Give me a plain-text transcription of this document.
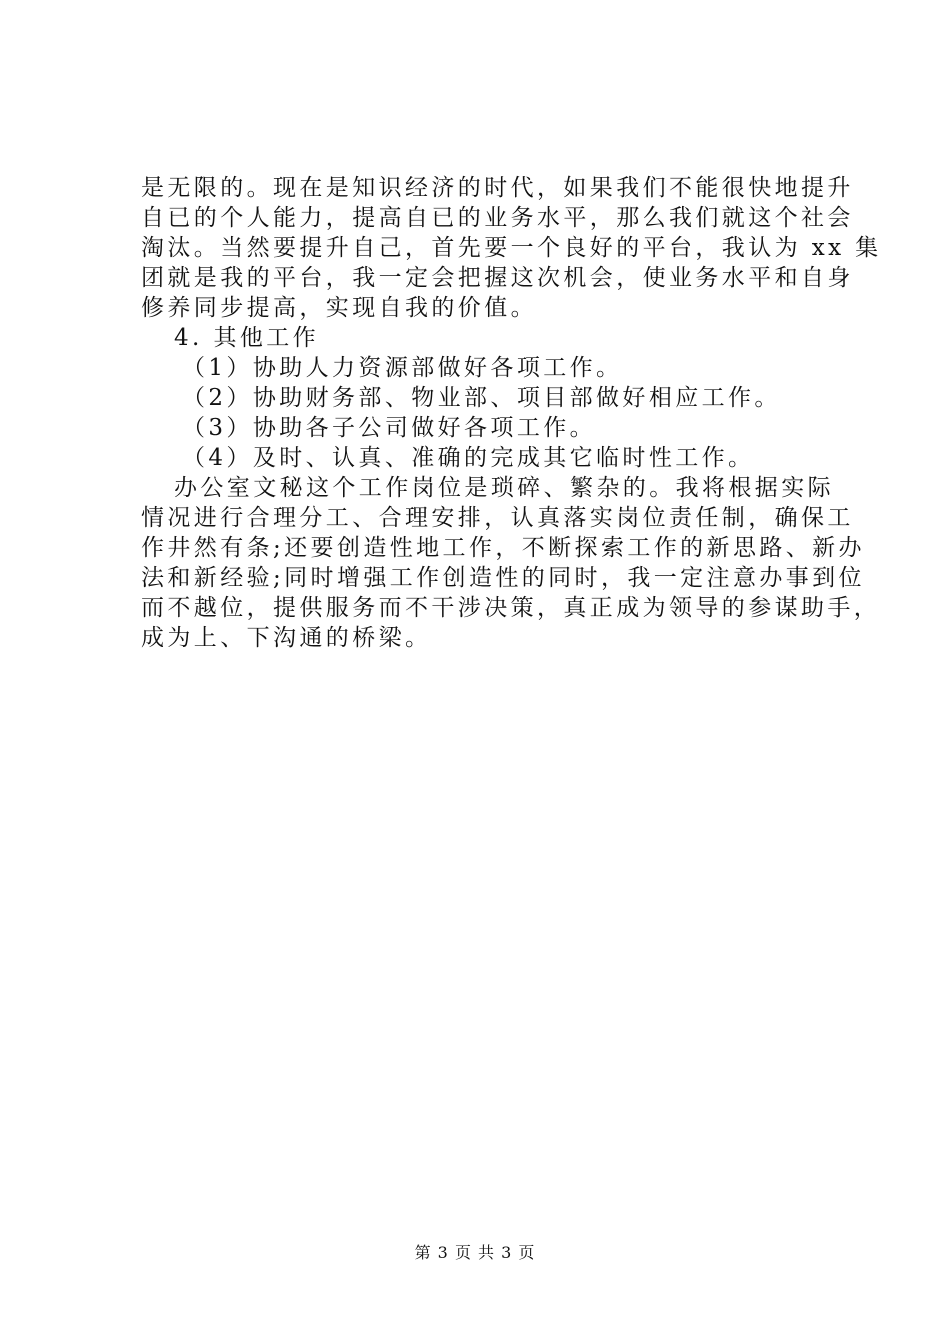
是无限的。现在是知识经济的时代，如果我们不能很快地提升
自已的个人能力，提高自已的业务水平，那么我们就这个社会
淘汰。当然要提升自己，首先要一个良好的平台，我认为 xx 集
团就是我的平台，我一定会把握这次机会，使业务水平和自身
修养同步提高，实现自我的价值。
4. 其他工作
（1）协助人力资源部做好各项工作。
（2）协助财务部、物业部、项目部做好相应工作。
（3）协助各子公司做好各项工作。
（4）及时、认真、准确的完成其它临时性工作。
办公室文秘这个工作岗位是琐碎、繁杂的。我将根据实际
情况进行合理分工、合理安排，认真落实岗位责任制，确保工
作井然有条;还要创造性地工作，不断探索工作的新思路、新办
法和新经验;同时增强工作创造性的同时，我一定注意办事到位
而不越位，提供服务而不干涉决策，真正成为领导的参谋助手，
成为上、下沟通的桥梁。
第 3 页 共 3 页
